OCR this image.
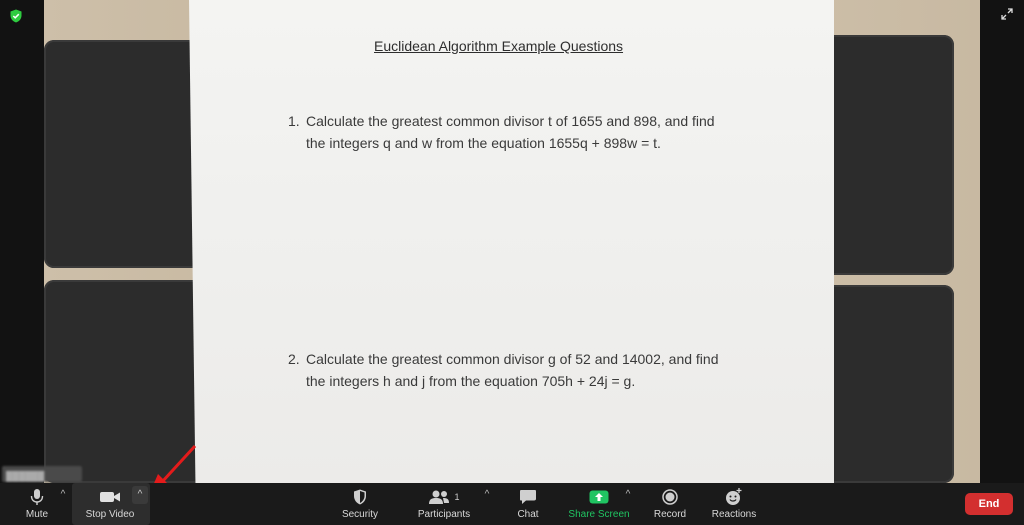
Euclidean Algorithm Example Questions
1. Calculate the greatest common divisor t of 1655 and 898, and find
the integers q and w from the equation 1655q + 898w = t.
2. Calculate the greatest common divisor g of 52 and 14002, and find
the integers h and j from the equation 705h + 24j = g.
██████
Mute
^
Stop Video
^
Security
1
Participants
^
Chat	Share Screen
^
Record	Reactions
End
